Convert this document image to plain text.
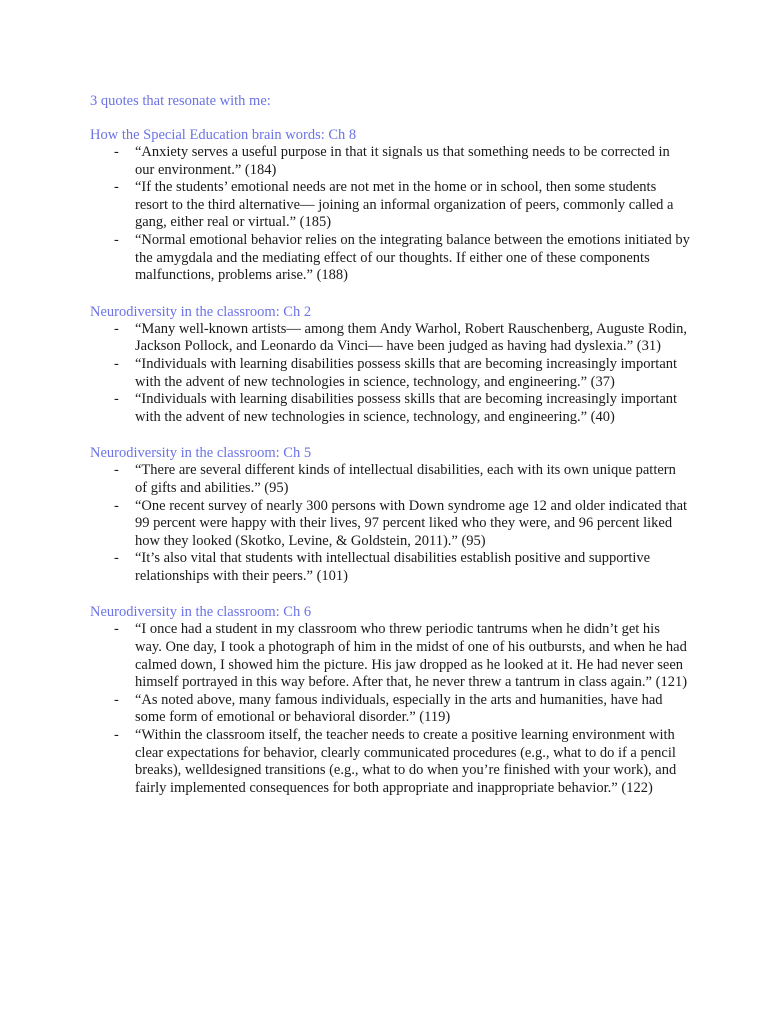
3 quotes that resonate with me:

How the Special Education brain words: Ch 8

- “Anxiety serves a useful purpose in that it signals us that something needs to be corrected in our environment.” (184)
- “If the students’ emotional needs are not met in the home or in school, then some students resort to the third alternative— joining an informal organization of peers, commonly called a gang, either real or virtual.” (185)
- “Normal emotional behavior relies on the integrating balance between the emotions initiated by the amygdala and the mediating effect of our thoughts. If either one of these components malfunctions, problems arise.” (188)

Neurodiversity in the classroom: Ch 2

- “Many well-known artists— among them Andy Warhol, Robert Rauschenberg, Auguste Rodin, Jackson Pollock, and Leonardo da Vinci— have been judged as having had dyslexia.” (31)
- “Individuals with learning disabilities possess skills that are becoming increasingly important with the advent of new technologies in science, technology, and engineering.” (37)
- “Individuals with learning disabilities possess skills that are becoming increasingly important with the advent of new technologies in science, technology, and engineering.” (40)

Neurodiversity in the classroom: Ch 5

- “There are several different kinds of intellectual disabilities, each with its own unique pattern of gifts and abilities.” (95)
- “One recent survey of nearly 300 persons with Down syndrome age 12 and older indicated that 99 percent were happy with their lives, 97 percent liked who they were, and 96 percent liked how they looked (Skotko, Levine, & Goldstein, 2011).” (95)
- “It’s also vital that students with intellectual disabilities establish positive and supportive relationships with their peers.” (101)

Neurodiversity in the classroom: Ch 6

- “I once had a student in my classroom who threw periodic tantrums when he didn’t get his way. One day, I took a photograph of him in the midst of one of his outbursts, and when he had calmed down, I showed him the picture. His jaw dropped as he looked at it. He had never seen himself portrayed in this way before. After that, he never threw a tantrum in class again.” (121)
- “As noted above, many famous individuals, especially in the arts and humanities, have had some form of emotional or behavioral disorder.” (119)
- “Within the classroom itself, the teacher needs to create a positive learning environment with clear expectations for behavior, clearly communicated procedures (e.g., what to do if a pencil breaks), welldesigned transitions (e.g., what to do when you’re finished with your work), and fairly implemented consequences for both appropriate and inappropriate behavior.” (122)
